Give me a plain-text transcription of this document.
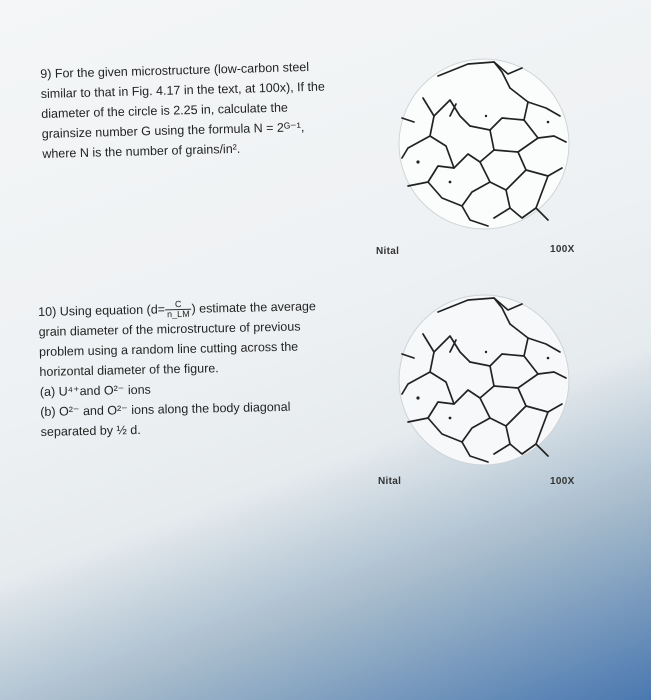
9) For the given microstructure (low-carbon steel

similar to that in Fig. 4.17 in the text, at 100x), If the

diameter of the circle is 2.25 in, calculate the

grainsize number G using the formula N = 2ᴳ⁻¹,

where N is the number of grains/in².

Nital	100X

10) Using equation ($d= \frac{C}{n\_LM}$ ) estimate the average

grain diameter of the microstructure of previous

problem using a random line cutting across the

horizontal diameter of the figure.

(a) U⁴⁺and O²⁻ ions

(b) O²⁻ and O²⁻ ions along the body diagonal

separated by ½ d.

Nital	100X
